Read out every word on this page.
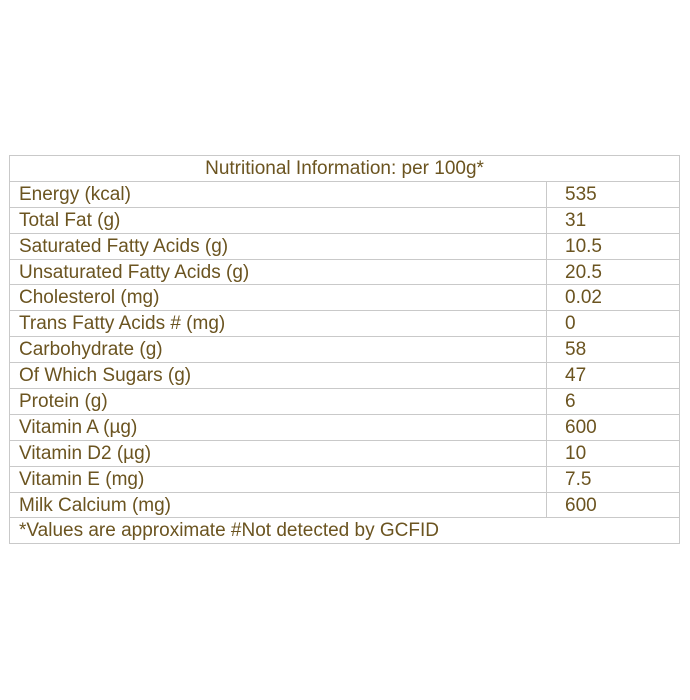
Nutritional Information: per 100g*	
Energy (kcal)	535
Total Fat (g)	31
Saturated Fatty Acids (g)	10.5
Unsaturated Fatty Acids (g)	20.5
Cholesterol (mg)	0.02
Trans Fatty Acids # (mg)	0
Carbohydrate (g)	58
Of Which Sugars (g)	47
Protein (g)	6
Vitamin A (µg)	600
Vitamin D2 (µg)	10
Vitamin E (mg)	7.5
Milk Calcium (mg)	600
*Values are approximate #Not detected by GCFID	
